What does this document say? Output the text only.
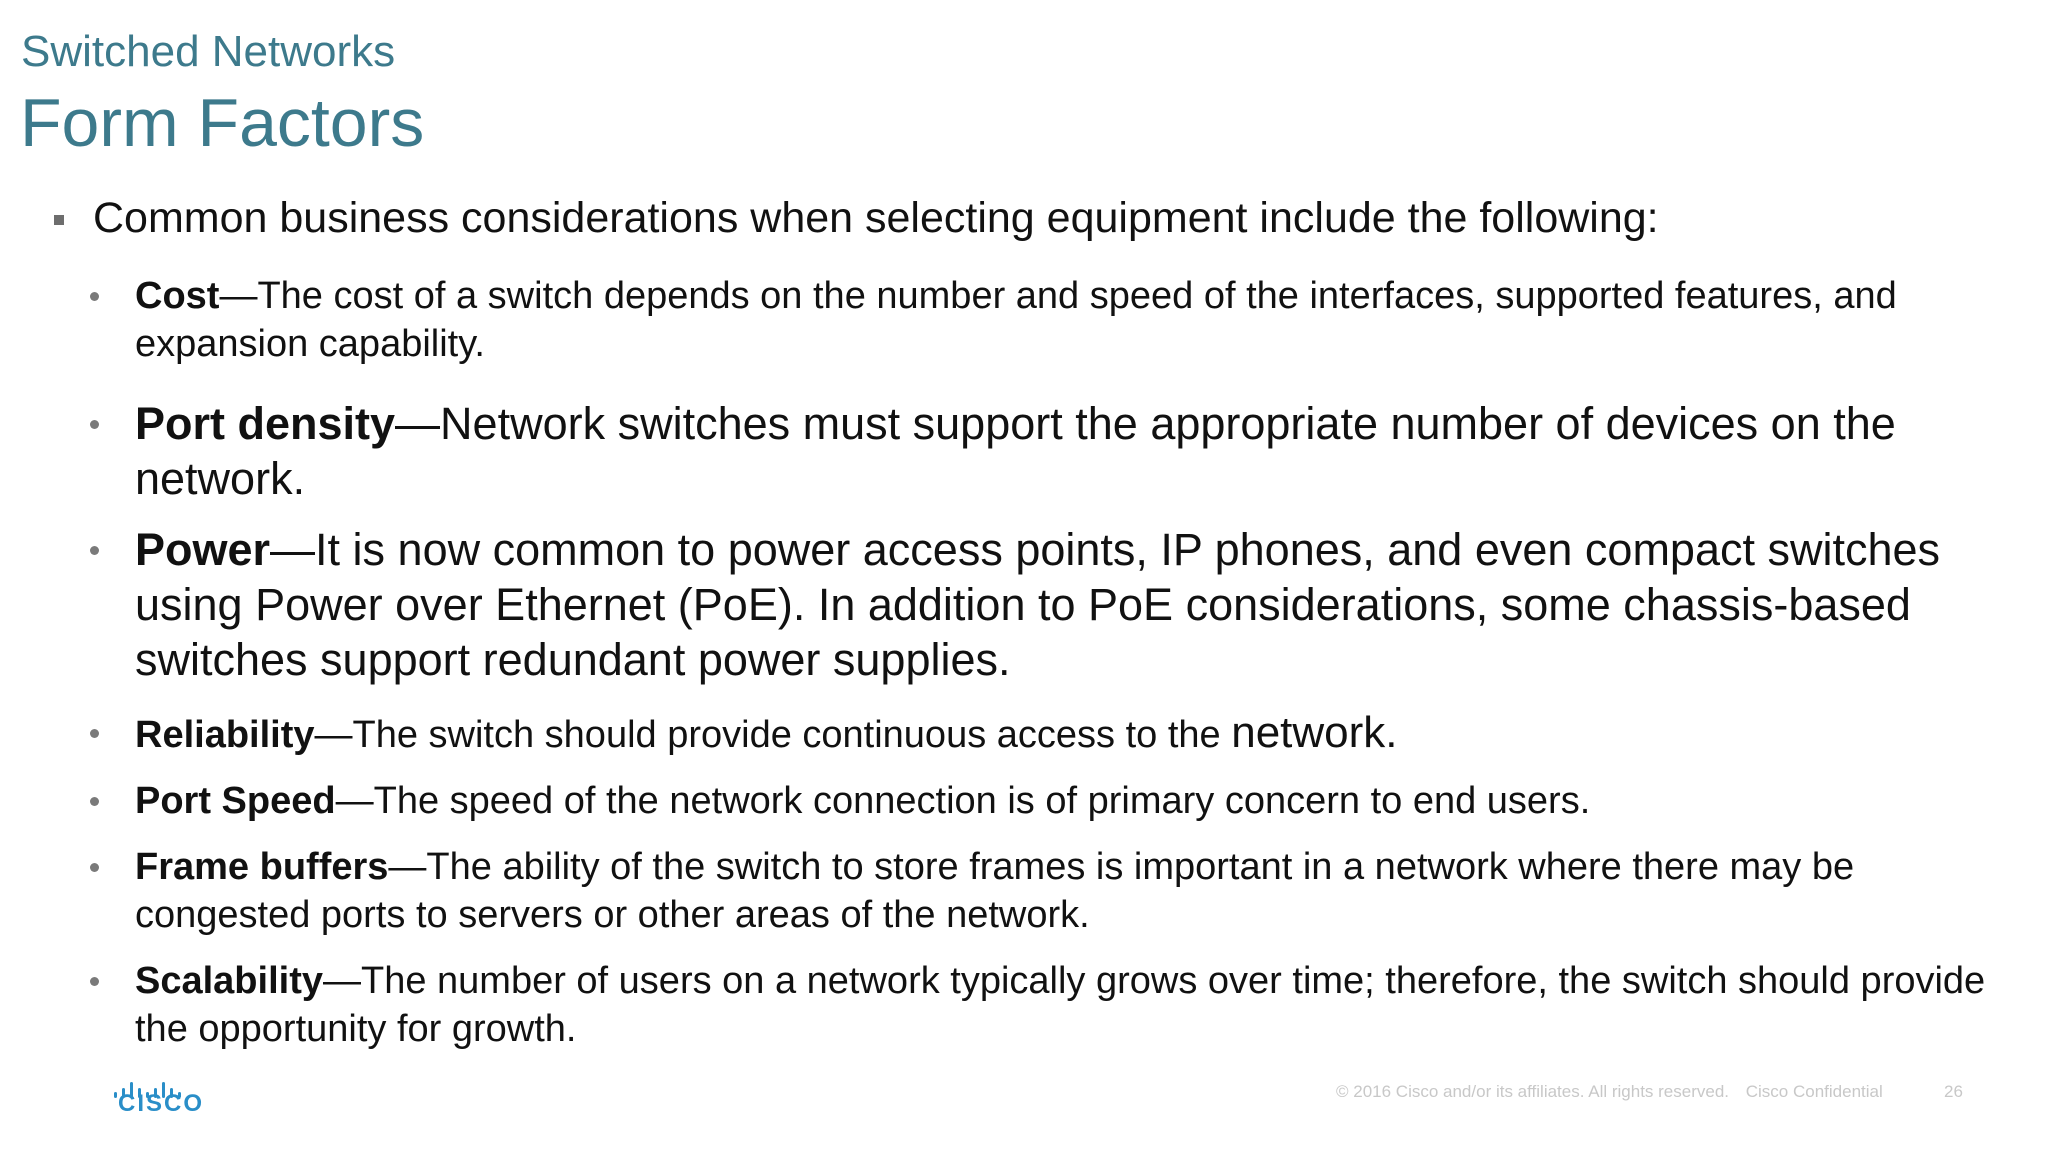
Switched Networks
Form Factors
Common business considerations when selecting equipment include the following:
Cost—The cost of a switch depends on the number and speed of the interfaces, supported features, and expansion capability.
Port density—Network switches must support the appropriate number of devices on the network.
Power—It is now common to power access points, IP phones, and even compact switches using Power over Ethernet (PoE). In addition to PoE considerations, some chassis-based switches support redundant power supplies.
Reliability—The switch should provide continuous access to the network.
Port Speed—The speed of the network connection is of primary concern to end users.
Frame buffers—The ability of the switch to store frames is important in a network where there may be congested ports to servers or other areas of the network.
Scalability—The number of users on a network typically grows over time; therefore, the switch should provide the opportunity for growth.
CISCO	© 2016 Cisco and/or its affiliates. All rights reserved. Cisco Confidential	26
